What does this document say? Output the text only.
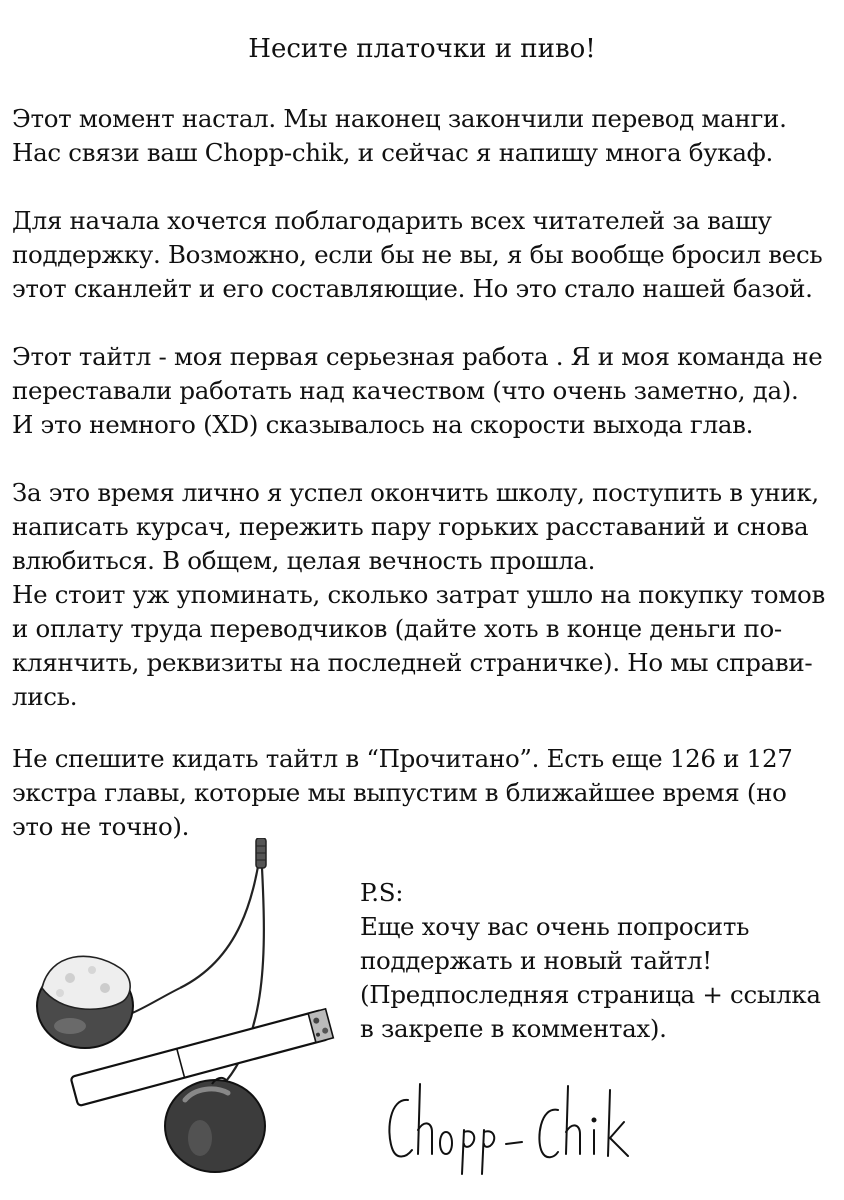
Несите платочки и пиво!
Этот момент настал. Мы наконец закончили перевод манги.
Нас связи ваш Chopp-chik, и сейчас я напишу многа букаф.
Для начала хочется поблагодарить всех читателей за вашу
поддержку. Возможно, если бы не вы, я бы вообще бросил весь
этот сканлейт и его составляющие. Но это стало нашей базой.
Этот тайтл - моя первая серьезная работа . Я и моя команда не
переставали работать над качеством (что очень заметно, да).
И это немного (XD) сказывалось на скорости выхода глав.
За это время лично я успел окончить школу, поступить в уник,
написать курсач, пережить пару горьких расставаний и снова
влюбиться. В общем, целая вечность прошла.
Не стоит уж упоминать, сколько затрат ушло на покупку томов
и оплату труда переводчиков (дайте хоть в конце деньги по-
клянчить, реквизиты на последней страничке). Но мы справи-
лись.
Не спешите кидать тайтл в “Прочитано”. Есть еще 126 и 127
экстра главы, которые мы выпустим в ближайшее время (но
это не точно).
P.S:
Еще хочу вас очень попросить
поддержать и новый тайтл!
(Предпоследняя страница + ссылка
в закрепе в комментах).
